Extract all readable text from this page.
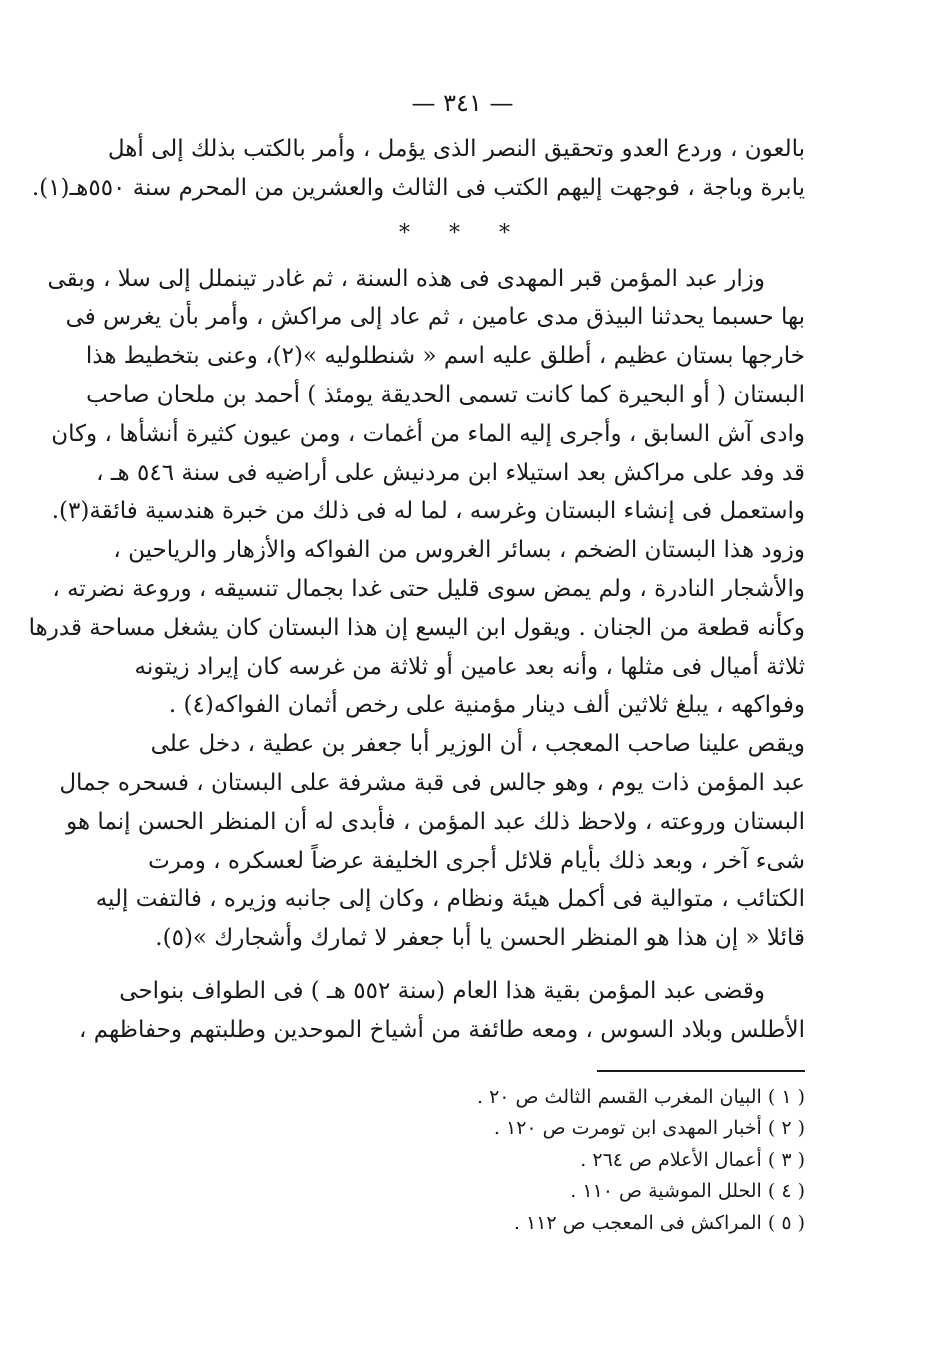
— ٣٤١ —
بالعون ، وردع العدو وتحقيق النصر الذى يؤمل ، وأمر بالكتب بذلك إلى أهل
يابرة وباجة ، فوجهت إليهم الكتب فى الثالث والعشرين من المحرم سنة ٥٥٠هـ(١).
* * *
وزار عبد المؤمن قبر المهدى فى هذه السنة ، ثم غادر تينملل إلى سلا ، وبقى
بها حسبما يحدثنا البيذق مدى عامين ، ثم عاد إلى مراكش ، وأمر بأن يغرس فى
خارجها بستان عظيم ، أطلق عليه اسم « شنطلوليه »(٢)، وعنى بتخطيط هذا
البستان ( أو البحيرة كما كانت تسمى الحديقة يومئذ ) أحمد بن ملحان صاحب
وادى آش السابق ، وأجرى إليه الماء من أغمات ، ومن عيون كثيرة أنشأها ، وكان
قد وفد على مراكش بعد استيلاء ابن مردنيش على أراضيه فى سنة ٥٤٦ هـ ،
واستعمل فى إنشاء البستان وغرسه ، لما له فى ذلك من خبرة هندسية فائقة(٣).
وزود هذا البستان الضخم ، بسائر الغروس من الفواكه والأزهار والرياحين ،
والأشجار النادرة ، ولم يمض سوى قليل حتى غدا بجمال تنسيقه ، وروعة نضرته ،
وكأنه قطعة من الجنان . ويقول ابن اليسع إن هذا البستان كان يشغل مساحة قدرها
ثلاثة أميال فى مثلها ، وأنه بعد عامين أو ثلاثة من غرسه كان إيراد زيتونه
وفواكهه ، يبلغ ثلاثين ألف دينار مؤمنية على رخص أثمان الفواكه(٤) .
ويقص علينا صاحب المعجب ، أن الوزير أبا جعفر بن عطية ، دخل على
عبد المؤمن ذات يوم ، وهو جالس فى قبة مشرفة على البستان ، فسحره جمال
البستان وروعته ، ولاحظ ذلك عبد المؤمن ، فأبدى له أن المنظر الحسن إنما هو
شىء آخر ، وبعد ذلك بأيام قلائل أجرى الخليفة عرضاً لعسكره ، ومرت
الكتائب ، متوالية فى أكمل هيئة ونظام ، وكان إلى جانبه وزيره ، فالتفت إليه
قائلا « إن هذا هو المنظر الحسن يا أبا جعفر لا ثمارك وأشجارك »(٥).
وقضى عبد المؤمن بقية هذا العام (سنة ٥٥٢ هـ ) فى الطواف بنواحى
الأطلس وبلاد السوس ، ومعه طائفة من أشياخ الموحدين وطلبتهم وحفاظهم ،
( ١ ) البيان المغرب القسم الثالث ص ٢٠ .
( ٢ ) أخبار المهدى ابن تومرت ص ١٢٠ .
( ٣ ) أعمال الأعلام ص ٢٦٤ .
( ٤ ) الحلل الموشية ص ١١٠ .
( ٥ ) المراكش فى المعجب ص ١١٢ .
